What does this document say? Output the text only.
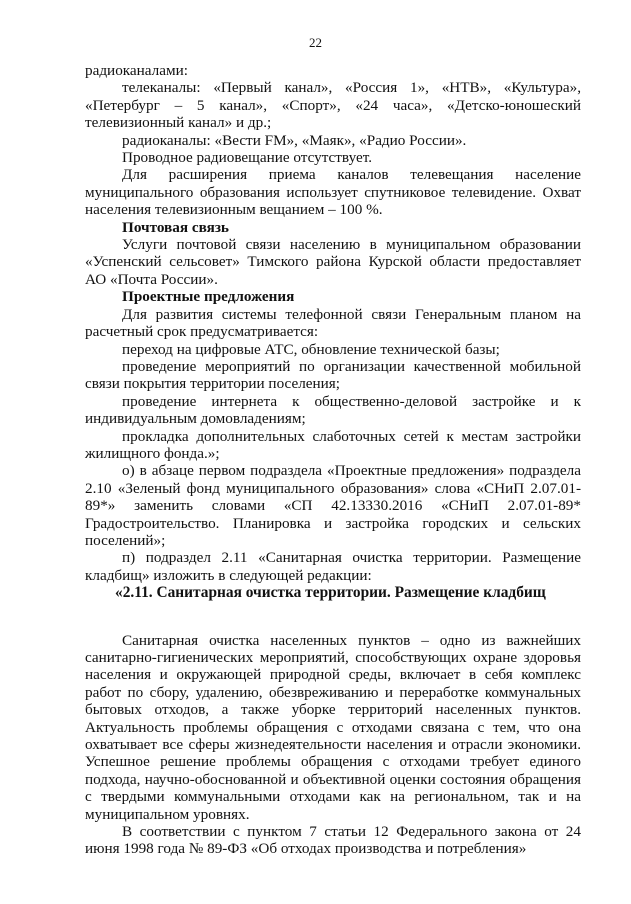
22

радиоканалами:

телеканалы: «Первый канал», «Россия 1», «НТВ», «Культура», «Петербург – 5 канал», «Спорт», «24 часа», «Детско-юношеский телевизионный канал» и др.;

радиоканалы: «Вести FM», «Маяк», «Радио России».

Проводное радиовещание отсутствует.

Для расширения приема каналов телевещания население муниципального образования использует спутниковое телевидение. Охват населения телевизионным вещанием – 100 %.

Почтовая связь

Услуги почтовой связи населению в муниципальном образовании «Успенский сельсовет» Тимского района Курской области предоставляет АО «Почта России».

Проектные предложения

Для развития системы телефонной связи Генеральным планом на расчетный срок предусматривается:

переход на цифровые АТС, обновление технической базы;

проведение мероприятий по организации качественной мобильной связи покрытия территории поселения;

проведение интернета к общественно-деловой застройке и к индивидуальным домовладениям;

прокладка дополнительных слаботочных сетей к местам застройки жилищного фонда.»;

о) в абзаце первом подраздела «Проектные предложения» подраздела 2.10 «Зеленый фонд муниципального образования» слова «СНиП 2.07.01-89*» заменить словами «СП 42.13330.2016 «СНиП 2.07.01-89* Градостроительство. Планировка и застройка городских и сельских поселений»;

п) подраздел 2.11 «Санитарная очистка территории. Размещение кладбищ» изложить в следующей редакции:

«2.11. Санитарная очистка территории. Размещение кладбищ

Санитарная очистка населенных пунктов – одно из важнейших санитарно-гигиенических мероприятий, способствующих охране здоровья населения и окружающей природной среды, включает в себя комплекс работ по сбору, удалению, обезвреживанию и переработке коммунальных бытовых отходов, а также уборке территорий населенных пунктов. Актуальность проблемы обращения с отходами связана с тем, что она охватывает все сферы жизнедеятельности населения и отрасли экономики. Успешное решение проблемы обращения с отходами требует единого подхода, научно-обоснованной и объективной оценки состояния обращения с твердыми коммунальными отходами как на региональном, так и на муниципальном уровнях.

В соответствии с пунктом 7 статьи 12 Федерального закона от 24 июня 1998 года № 89-ФЗ «Об отходах производства и потребления»
